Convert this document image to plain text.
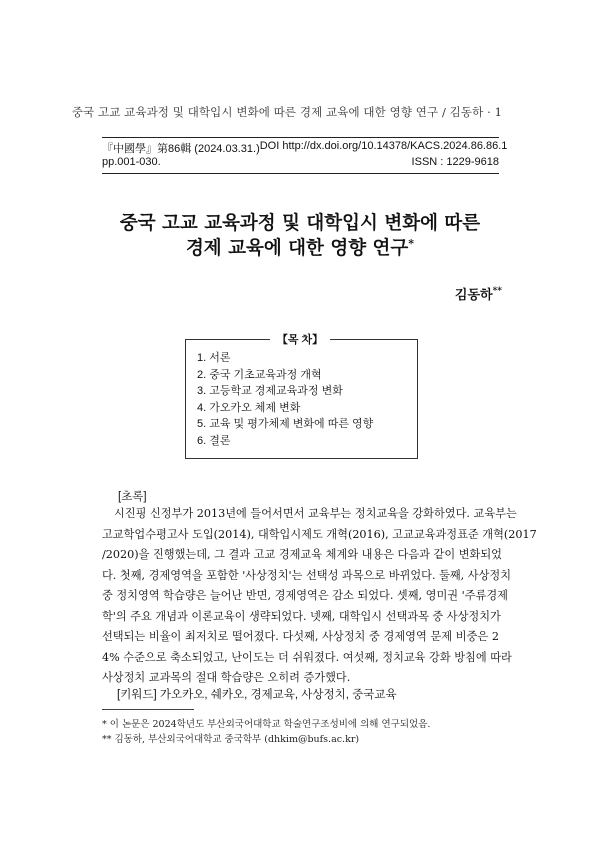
중국 고교 교육과정 및 대학입시 변화에 따른 경제 교육에 대한 영향 연구 / 김동하 · 1
『中國學』第86輯 (2024.03.31.) DOI http://dx.doi.org/10.14378/KACS.2024.86.86.1
pp.001-030.	ISSN : 1229-9618
중국 고교 교육과정 및 대학입시 변화에 따른
경제 교육에 대한 영향 연구*
김동하**
【목 차】
1. 서론
2. 중국 기초교육과정 개혁
3. 고등학교 경제교육과정 변화
4. 가오카오 체제 변화
5. 교육 및 평가체제 변화에 따른 영향
6. 결론
[초록]
시진핑 신정부가 2013년에 들어서면서 교육부는 정치교육을 강화하였다. 교육부는
고교학업수평고사 도입(2014), 대학입시제도 개혁(2016), 고교교육과정표준 개혁(2017
/2020)을 진행했는데, 그 결과 고교 경제교육 체계와 내용은 다음과 같이 변화되었
다. 첫째, 경제영역을 포함한 '사상정치'는 선택성 과목으로 바뀌었다. 둘째, 사상정치
중 정치영역 학습량은 늘어난 반면, 경제영역은 감소 되었다. 셋째, 영미권 '주류경제
학'의 주요 개념과 이론교육이 생략되었다. 넷째, 대학입시 선택과목 중 사상정치가
선택되는 비율이 최저치로 떨어졌다. 다섯째, 사상정치 중 경제영역 문제 비중은 2
4% 수준으로 축소되었고, 난이도는 더 쉬워졌다. 여섯째, 정치교육 강화 방침에 따라
사상정치 교과목의 절대 학습량은 오히려 증가했다.
[키워드] 가오카오, 쉐카오, 경제교육, 사상정치, 중국교육
* 이 논문은 2024학년도 부산외국어대학교 학술연구조성비에 의해 연구되었음.
** 김동하, 부산외국어대학교 중국학부 (dhkim@bufs.ac.kr)
